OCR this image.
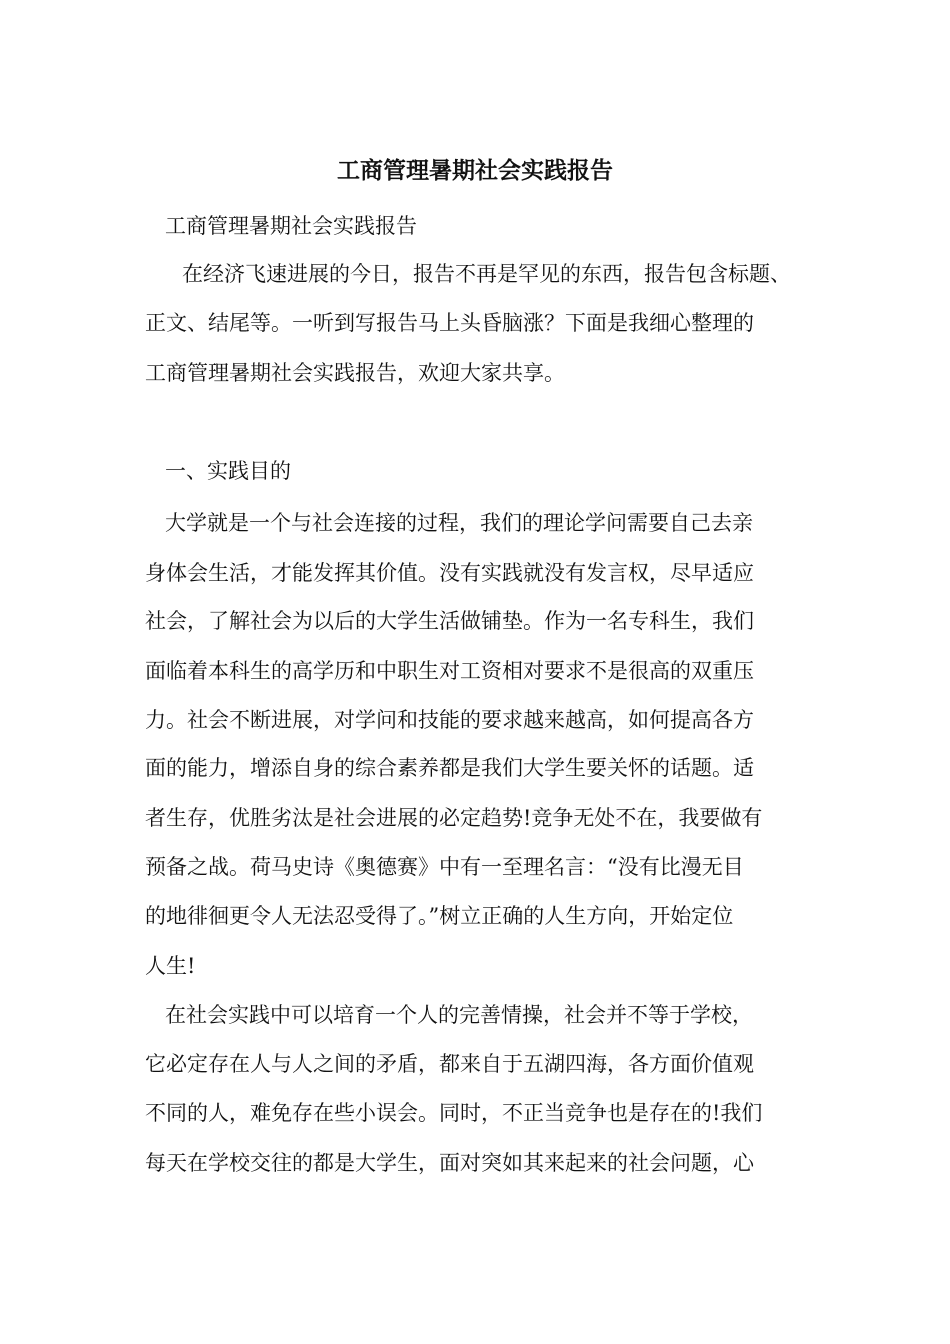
工商管理暑期社会实践报告

工商管理暑期社会实践报告

在经济飞速进展的今日，报告不再是罕见的东西，报告包含标题、

正文、结尾等。一听到写报告马上头昏脑涨？下面是我细心整理的

工商管理暑期社会实践报告，欢迎大家共享。

一、实践目的

大学就是一个与社会连接的过程，我们的理论学问需要自己去亲

身体会生活，才能发挥其价值。没有实践就没有发言权，尽早适应

社会，了解社会为以后的大学生活做铺垫。作为一名专科生，我们

面临着本科生的高学历和中职生对工资相对要求不是很高的双重压

力。社会不断进展，对学问和技能的要求越来越高，如何提高各方

面的能力，增添自身的综合素养都是我们大学生要关怀的话题。适

者生存，优胜劣汰是社会进展的必定趋势!竞争无处不在，我要做有

预备之战。荷马史诗《奥德赛》中有一至理名言：“没有比漫无目

的地徘徊更令人无法忍受得了。”树立正确的人生方向，开始定位

人生!

在社会实践中可以培育一个人的完善情操，社会并不等于学校，

它必定存在人与人之间的矛盾，都来自于五湖四海，各方面价值观

不同的人，难免存在些小误会。同时，不正当竞争也是存在的!我们

每天在学校交往的都是大学生，面对突如其来起来的社会问题，心
